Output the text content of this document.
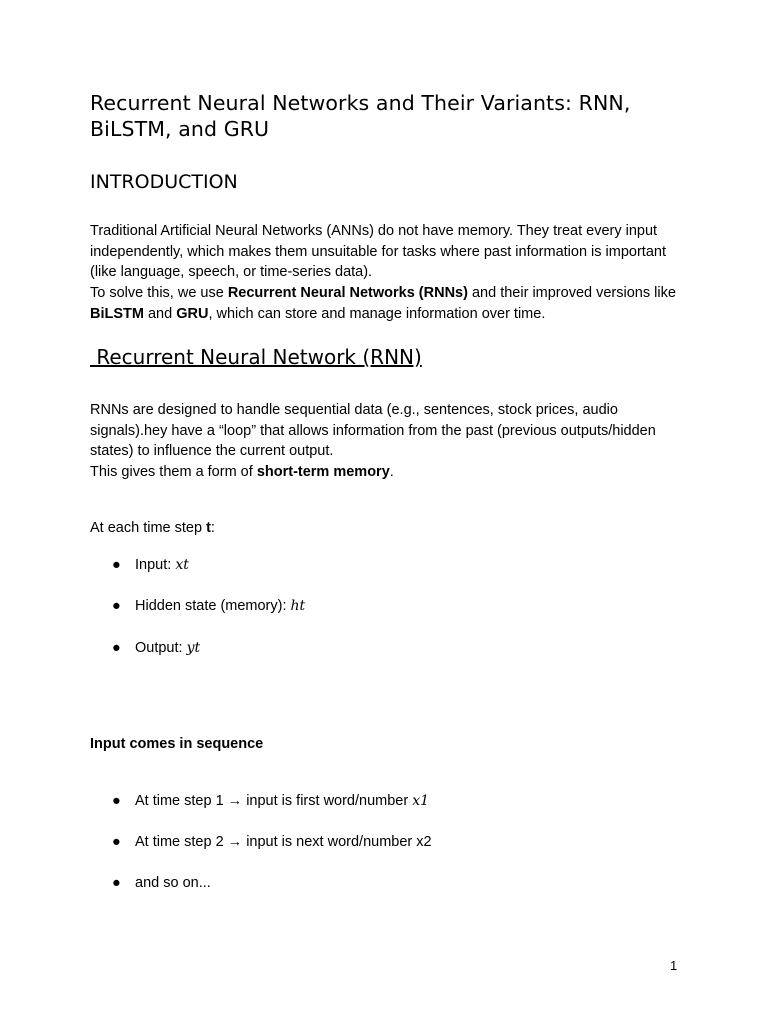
Recurrent Neural Networks and Their Variants: RNN, BiLSTM, and GRU
INTRODUCTION

Traditional Artificial Neural Networks (ANNs) do not have memory. They treat every input independently, which makes them unsuitable for tasks where past information is important (like language, speech, or time-series data).
To solve this, we use Recurrent Neural Networks (RNNs) and their improved versions like BiLSTM and GRU, which can store and manage information over time.

Recurrent Neural Network (RNN)

RNNs are designed to handle sequential data (e.g., sentences, stock prices, audio signals).hey have a “loop” that allows information from the past (previous outputs/hidden states) to influence the current output.
This gives them a form of short-term memory.

At each time step t:

● Input: xt
● Hidden state (memory): ht
● Output: yt

Input comes in sequence

● At time step 1 → input is first word/number x1
● At time step 2 → input is next word/number x2
● and so on...
1
